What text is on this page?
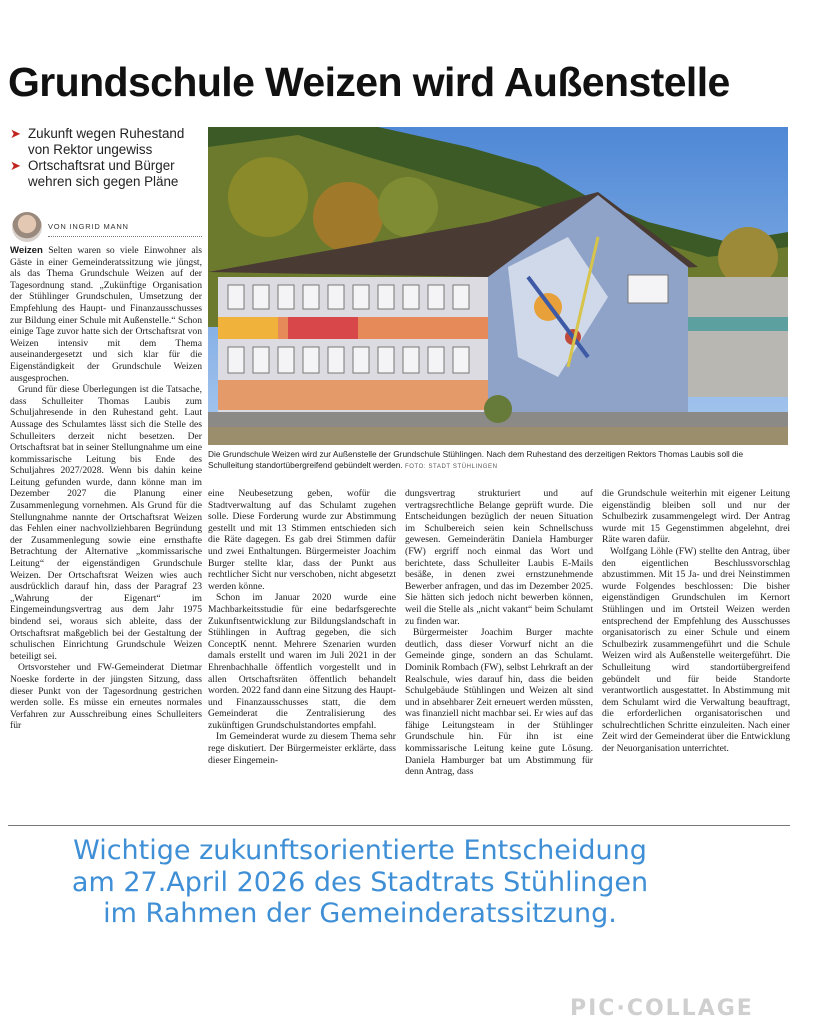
Grundschule Weizen wird Außenstelle
➤ Zukunft wegen Ruhestand von Rektor ungewiss
➤ Ortschaftsrat und Bürger wehren sich gegen Pläne
VON INGRID MANN

Weizen Selten waren so viele Einwohner als Gäste in einer Gemeinderatssitzung wie jüngst, als das Thema Grundschule Weizen auf der Tagesordnung stand. „Zukünftige Organisation der Stühlinger Grundschulen, Umsetzung der Empfehlung des Haupt- und Finanzausschusses zur Bildung einer Schule mit Außenstelle.“ Schon einige Tage zuvor hatte sich der Ortschaftsrat von Weizen intensiv mit dem Thema auseinandergesetzt und sich klar für die Eigenständigkeit der Grundschule Weizen ausgesprochen.

Grund für diese Überlegungen ist die Tatsache, dass Schulleiter Thomas Laubis zum Schuljahresende in den Ruhestand geht. Laut Aussage des Schulamtes lässt sich die Stelle des Schulleiters derzeit nicht besetzen. Der Ortschaftsrat bat in seiner Stellungnahme um eine kommissarische Leitung bis Ende des Schuljahres 2027/2028. Wenn bis dahin keine Leitung gefunden wurde, dann könne man im Dezember 2027 die Planung einer Zusammenlegung vornehmen. Als Grund für die Stellungnahme nannte der Ortschaftsrat Weizen das Fehlen einer nachvollziehbaren Begründung der Zusammenlegung sowie eine ernsthafte Betrachtung der Alternative „kommissarische Leitung“ der eigenständigen Grundschule Weizen. Der Ortschaftsrat Weizen wies auch ausdrücklich darauf hin, dass der Paragraf 23 „Wahrung der Eigenart“ im Eingemeindungsvertrag aus dem Jahr 1975 bindend sei, woraus sich ableite, dass der Ortschaftsrat maßgeblich bei der Gestaltung der schulischen Einrichtung Grundschule Weizen beteiligt sei.

Ortsvorsteher und FW-Gemeinderat Dietmar Noeske forderte in der jüngsten Sitzung, dass dieser Punkt von der Tagesordnung gestrichen werden solle. Es müsse ein erneutes normales Verfahren zur Ausschreibung eines Schulleiters für

Die Grundschule Weizen wird zur Außenstelle der Grundschule Stühlingen. Nach dem Ruhestand des derzeitigen Rektors Thomas Laubis soll die Schulleitung standortübergreifend gebündelt werden. FOTO: STADT STÜHLINGEN

eine Neubesetzung geben, wofür die Stadtverwaltung auf das Schulamt zugehen solle. Diese Forderung wurde zur Abstimmung gestellt und mit 13 Stimmen entschieden sich die Räte dagegen. Es gab drei Stimmen dafür und zwei Enthaltungen. Bürgermeister Joachim Burger stellte klar, dass der Punkt aus rechtlicher Sicht nur verschoben, nicht abgesetzt werden könne.

Schon im Januar 2020 wurde eine Machbarkeitsstudie für eine bedarfsgerechte Zukunftsentwicklung zur Bildungslandschaft in Stühlingen in Auftrag gegeben, die sich ConceptK nennt. Mehrere Szenarien wurden damals erstellt und waren im Juli 2021 in der Ehrenbachhalle öffentlich vorgestellt und in allen Ortschaftsräten öffentlich behandelt worden. 2022 fand dann eine Sitzung des Haupt- und Finanzausschusses statt, die dem Gemeinderat die Zentralisierung des zukünftigen Grundschulstandortes empfahl.

Im Gemeinderat wurde zu diesem Thema sehr rege diskutiert. Der Bürgermeister erklärte, dass dieser Eingemein-

dungsvertrag strukturiert und auf vertragsrechtliche Belange geprüft wurde. Die Entscheidungen bezüglich der neuen Situation im Schulbereich seien kein Schnellschuss gewesen. Gemeinderätin Daniela Hamburger (FW) ergriff noch einmal das Wort und berichtete, dass Schulleiter Laubis E-Mails besäße, in denen zwei ernstzunehmende Bewerber anfragen, und das im Dezember 2025. Sie hätten sich jedoch nicht bewerben können, weil die Stelle als „nicht vakant“ beim Schulamt zu finden war.

Bürgermeister Joachim Burger machte deutlich, dass dieser Vorwurf nicht an die Gemeinde ginge, sondern an das Schulamt. Dominik Rombach (FW), selbst Lehrkraft an der Realschule, wies darauf hin, dass die beiden Schulgebäude Stühlingen und Weizen alt sind und in absehbarer Zeit erneuert werden müssten, was finanziell nicht machbar sei. Er wies auf das fähige Leitungsteam in der Stühlinger Grundschule hin. Für ihn ist eine kommissarische Leitung keine gute Lösung. Daniela Hamburger bat um Abstimmung für denn Antrag, dass

die Grundschule weiterhin mit eigener Leitung eigenständig bleiben soll und nur der Schulbezirk zusammengelegt wird. Der Antrag wurde mit 15 Gegenstimmen abgelehnt, drei Räte waren dafür.

Wolfgang Löhle (FW) stellte den Antrag, über den eigentlichen Beschlussvorschlag abzustimmen. Mit 15 Ja- und drei Neinstimmen wurde Folgendes beschlossen: Die bisher eigenständigen Grundschulen im Kernort Stühlingen und im Ortsteil Weizen werden entsprechend der Empfehlung des Ausschusses organisatorisch zu einer Schule und einem Schulbezirk zusammengeführt und die Schule Weizen wird als Außenstelle weitergeführt. Die Schulleitung wird standortübergreifend gebündelt und für beide Standorte verantwortlich ausgestattet. In Abstimmung mit dem Schulamt wird die Verwaltung beauftragt, die erforderlichen organisatorischen und schulrechtlichen Schritte einzuleiten. Nach einer Zeit wird der Gemeinderat über die Entwicklung der Neuorganisation unterrichtet.

Wichtige zukunftsorientierte Entscheidung am 27.April 2026 des Stadtrats Stühlingen im Rahmen der Gemeinderatssitzung.
PIC·COLLAGE
